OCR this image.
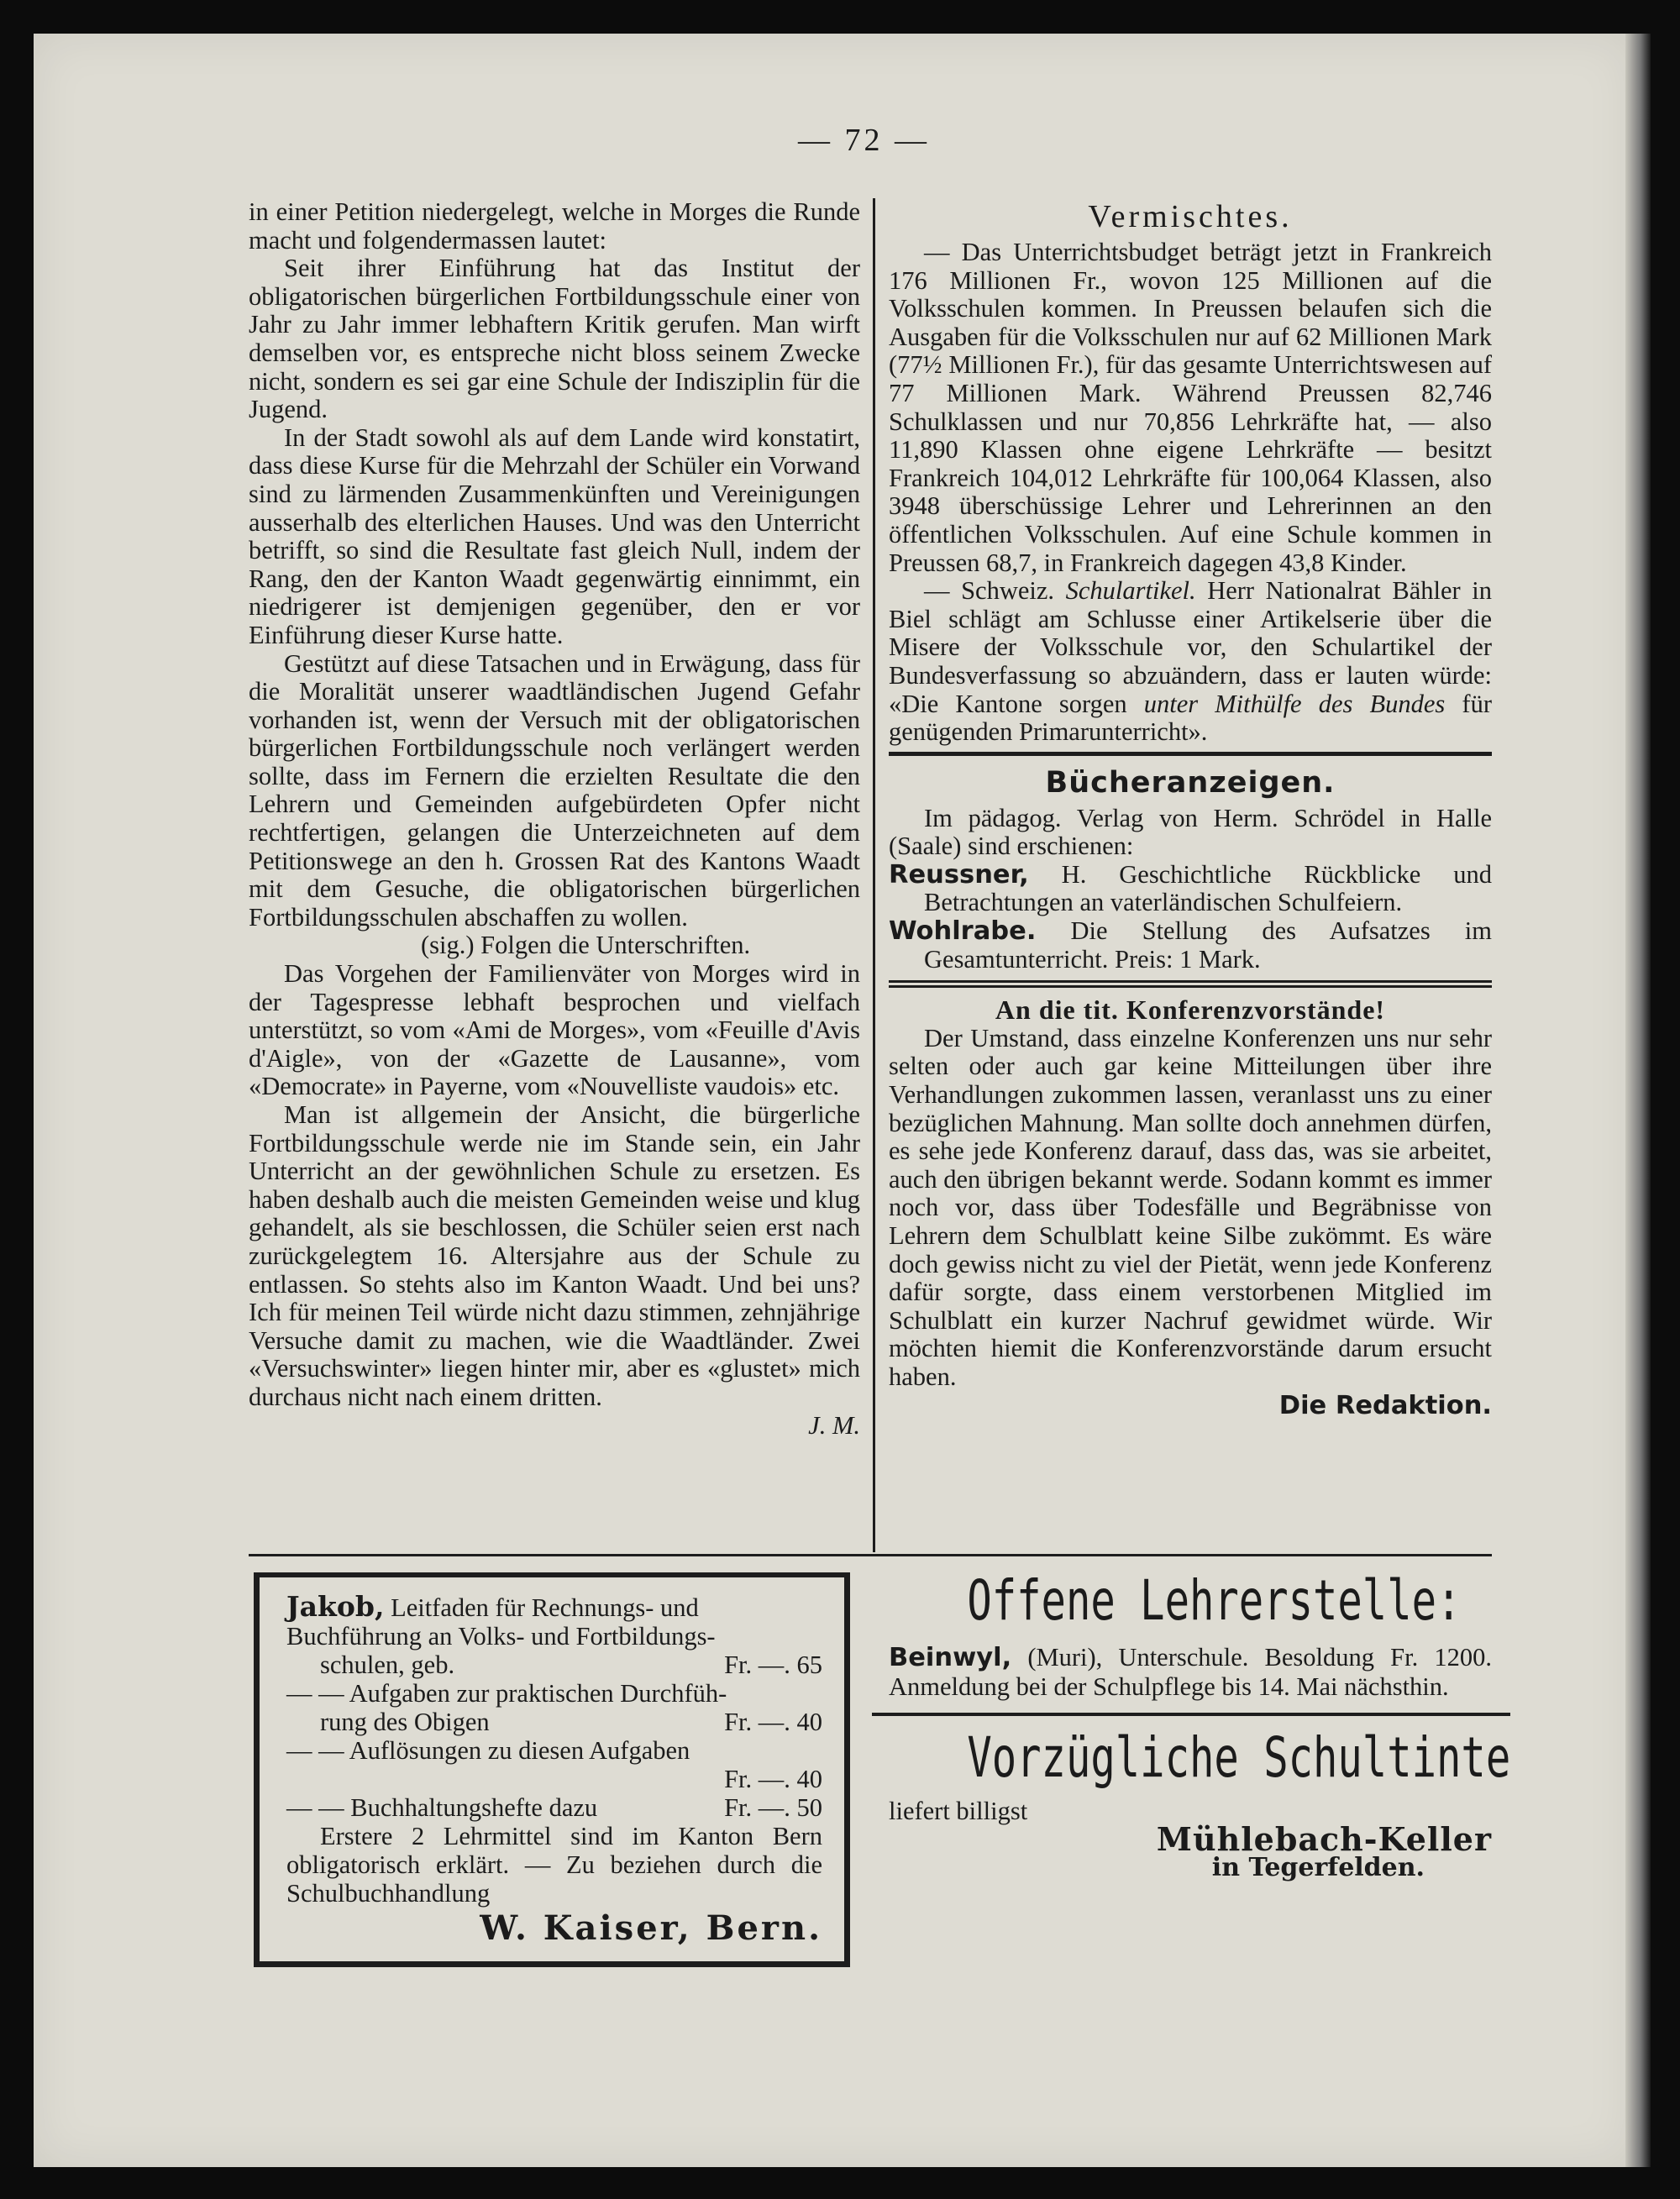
— 72 —

in einer Petition niedergelegt, welche in Morges die Runde macht und folgendermassen lautet:

Seit ihrer Einführung hat das Institut der obligatorischen bürgerlichen Fortbildungsschule einer von Jahr zu Jahr immer lebhaftern Kritik gerufen. Man wirft demselben vor, es entspreche nicht bloss seinem Zwecke nicht, sondern es sei gar eine Schule der Indisziplin für die Jugend.

In der Stadt sowohl als auf dem Lande wird konstatirt, dass diese Kurse für die Mehrzahl der Schüler ein Vorwand sind zu lärmenden Zusammenkünften und Vereinigungen ausserhalb des elterlichen Hauses. Und was den Unterricht betrifft, so sind die Resultate fast gleich Null, indem der Rang, den der Kanton Waadt gegenwärtig einnimmt, ein niedrigerer ist demjenigen gegenüber, den er vor Einführung dieser Kurse hatte.

Gestützt auf diese Tatsachen und in Erwägung, dass für die Moralität unserer waadtländischen Jugend Gefahr vorhanden ist, wenn der Versuch mit der obligatorischen bürgerlichen Fortbildungsschule noch verlängert werden sollte, dass im Fernern die erzielten Resultate die den Lehrern und Gemeinden aufgebürdeten Opfer nicht rechtfertigen, gelangen die Unterzeichneten auf dem Petitionswege an den h. Grossen Rat des Kantons Waadt mit dem Gesuche, die obligatorischen bürgerlichen Fortbildungsschulen abschaffen zu wollen.

(sig.) Folgen die Unterschriften.

Das Vorgehen der Familienväter von Morges wird in der Tagespresse lebhaft besprochen und vielfach unterstützt, so vom «Ami de Morges», vom «Feuille d'Avis d'Aigle», von der «Gazette de Lausanne», vom «Democrate» in Payerne, vom «Nouvelliste vaudois» etc.

Man ist allgemein der Ansicht, die bürgerliche Fortbildungsschule werde nie im Stande sein, ein Jahr Unterricht an der gewöhnlichen Schule zu ersetzen. Es haben deshalb auch die meisten Gemeinden weise und klug gehandelt, als sie beschlossen, die Schüler seien erst nach zurückgelegtem 16. Altersjahre aus der Schule zu entlassen. So stehts also im Kanton Waadt. Und bei uns? Ich für meinen Teil würde nicht dazu stimmen, zehnjährige Versuche damit zu machen, wie die Waadtländer. Zwei «Versuchswinter» liegen hinter mir, aber es «glustet» mich durchaus nicht nach einem dritten.

J. M.

Vermischtes.

— Das Unterrichtsbudget beträgt jetzt in Frankreich 176 Millionen Fr., wovon 125 Millionen auf die Volksschulen kommen. In Preussen belaufen sich die Ausgaben für die Volksschulen nur auf 62 Millionen Mark (77½ Millionen Fr.), für das gesamte Unterrichtswesen auf 77 Millionen Mark. Während Preussen 82,746 Schulklassen und nur 70,856 Lehrkräfte hat, — also 11,890 Klassen ohne eigene Lehrkräfte — besitzt Frankreich 104,012 Lehrkräfte für 100,064 Klassen, also 3948 überschüssige Lehrer und Lehrerinnen an den öffentlichen Volksschulen. Auf eine Schule kommen in Preussen 68,7, in Frankreich dagegen 43,8 Kinder.

— Schweiz. Schulartikel. Herr Nationalrat Bähler in Biel schlägt am Schlusse einer Artikelserie über die Misere der Volksschule vor, den Schulartikel der Bundesverfassung so abzuändern, dass er lauten würde: «Die Kantone sorgen unter Mithülfe des Bundes für genügenden Primarunterricht».

Bücheranzeigen.

Im pädagog. Verlag von Herm. Schrödel in Halle (Saale) sind erschienen:

Reussner, H. Geschichtliche Rückblicke und Betrachtungen an vaterländischen Schulfeiern.

Wohlrabe. Die Stellung des Aufsatzes im Gesamtunterricht. Preis: 1 Mark.

An die tit. Konferenzvorstände!

Der Umstand, dass einzelne Konferenzen uns nur sehr selten oder auch gar keine Mitteilungen über ihre Verhandlungen zukommen lassen, veranlasst uns zu einer bezüglichen Mahnung. Man sollte doch annehmen dürfen, es sehe jede Konferenz darauf, dass das, was sie arbeitet, auch den übrigen bekannt werde. Sodann kommt es immer noch vor, dass über Todesfälle und Begräbnisse von Lehrern dem Schulblatt keine Silbe zukömmt. Es wäre doch gewiss nicht zu viel der Pietät, wenn jede Konferenz dafür sorgte, dass einem verstorbenen Mitglied im Schulblatt ein kurzer Nachruf gewidmet würde. Wir möchten hiemit die Konferenzvorstände darum ersucht haben.

Die Redaktion.

Jakob, Leitfaden für Rechnungs- und Buchführung an Volks- und Fortbildungs-
schulen, geb.	Fr. —. 65
— — Aufgaben zur praktischen Durchfüh-
rung des Obigen	Fr. —. 40
— — Auflösungen zu diesen Aufgaben
Fr. —. 40
— — Buchhaltungshefte dazu	Fr. —. 50
Erstere 2 Lehrmittel sind im Kanton Bern obligatorisch erklärt. — Zu beziehen durch die Schulbuchhandlung
W. Kaiser, Bern.
Offene Lehrerstelle:
Beinwyl, (Muri), Unterschule. Besoldung Fr. 1200. Anmeldung bei der Schulpflege bis 14. Mai nächsthin.
Vorzügliche Schultinte
liefert billigst
Mühlebach-Keller
in Tegerfelden.
